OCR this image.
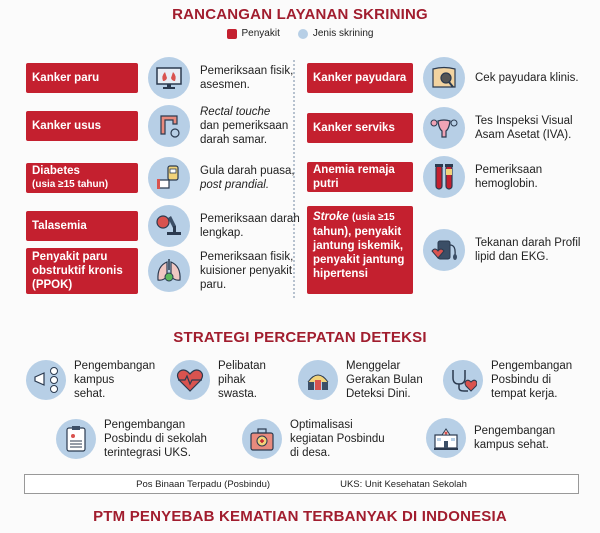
RANCANGAN LAYANAN SKRINING
Penyakit	Jenis skrining
Kanker paru
Pemeriksaan fisik, asesmen.
Kanker usus
Rectal touche
dan pemeriksaan darah samar.
Diabetes
(usia ≥15 tahun)
Gula darah puasa,
post prandial.
Talasemia
Pemeriksaan darah lengkap.
Penyakit paru obstruktif kronis (PPOK)
Pemeriksaan fisik, kuisioner penyakit paru.
Kanker payudara	Cek payudara klinis.
Kanker serviks
Tes Inspeksi Visual Asam Asetat (IVA).
Anemia remaja putri
Pemeriksaan hemoglobin.
Stroke (usia ≥15 tahun), penyakit jantung iskemik, penyakit jantung hipertensi
Tekanan darah Profil lipid dan EKG.
STRATEGI PERCEPATAN DETEKSI
Pengembangan kampus sehat.
Pelibatan pihak swasta.
Menggelar Gerakan Bulan Deteksi Dini.
Pengembangan Posbindu di tempat kerja.
Pengembangan Posbindu di sekolah terintegrasi UKS.
Optimalisasi kegiatan Posbindu di desa.
Pengembangan kampus sehat.
Pos Binaan Terpadu (Posbindu)	UKS: Unit Kesehatan Sekolah
PTM PENYEBAB KEMATIAN TERBANYAK DI INDONESIA
